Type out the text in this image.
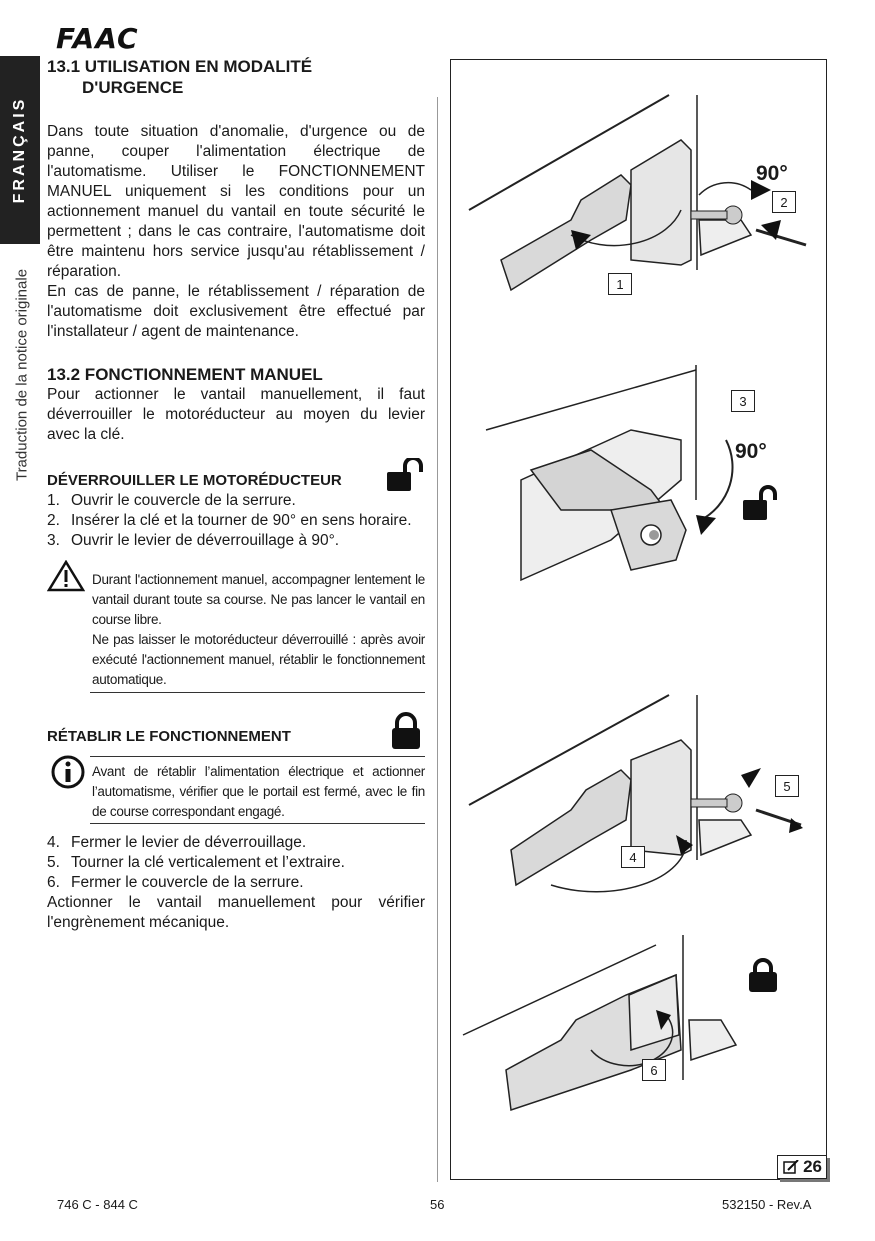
FAAC
FRANÇAIS
Traduction de la notice originale
13.1 UTILISATION EN MODALITÉ
D'URGENCE

Dans toute situation d'anomalie, d'urgence ou de panne, couper l'alimentation électrique de l'automatisme. Utiliser le FONCTIONNEMENT MANUEL uniquement si les conditions pour un actionnement manuel du vantail en toute sécurité le permettent ; dans le cas contraire, l'automatisme doit être maintenu hors service jusqu'au rétablissement / réparation.

En cas de panne, le rétablissement / réparation de l'automatisme doit exclusivement être effectué par l'installateur / agent de maintenance.

13.2 FONCTIONNEMENT MANUEL

Pour actionner le vantail manuellement, il faut déverrouiller le motoréducteur au moyen du levier avec la clé.

DÉVERROUILLER LE MOTORÉDUCTEUR
1. Ouvrir le couvercle de la serrure.
2. Insérer la clé et la tourner de 90° en sens horaire.
3. Ouvrir le levier de déverrouillage à 90°.
Durant l'actionnement manuel, accompagner lentement le vantail durant toute sa course. Ne pas lancer le vantail en course libre.
Ne pas laisser le motoréducteur déverrouillé : après avoir exécuté l'actionnement manuel, rétablir le fonctionnement automatique.
RÉTABLIR LE FONCTIONNEMENT
Avant de rétablir l’alimentation électrique et actionner l’automatisme, vérifier que le portail est fermé, avec le fin de course correspondant engagé.
4. Fermer le levier de déverrouillage.
5. Tourner la clé verticalement et l’extraire.
6. Fermer le couvercle de la serrure.

Actionner le vantail manuellement pour vérifier l'engrènement mécanique.

1
2
3
4
5
6
90°
90°
26
746 C - 844 C	56	532150 - Rev.A
